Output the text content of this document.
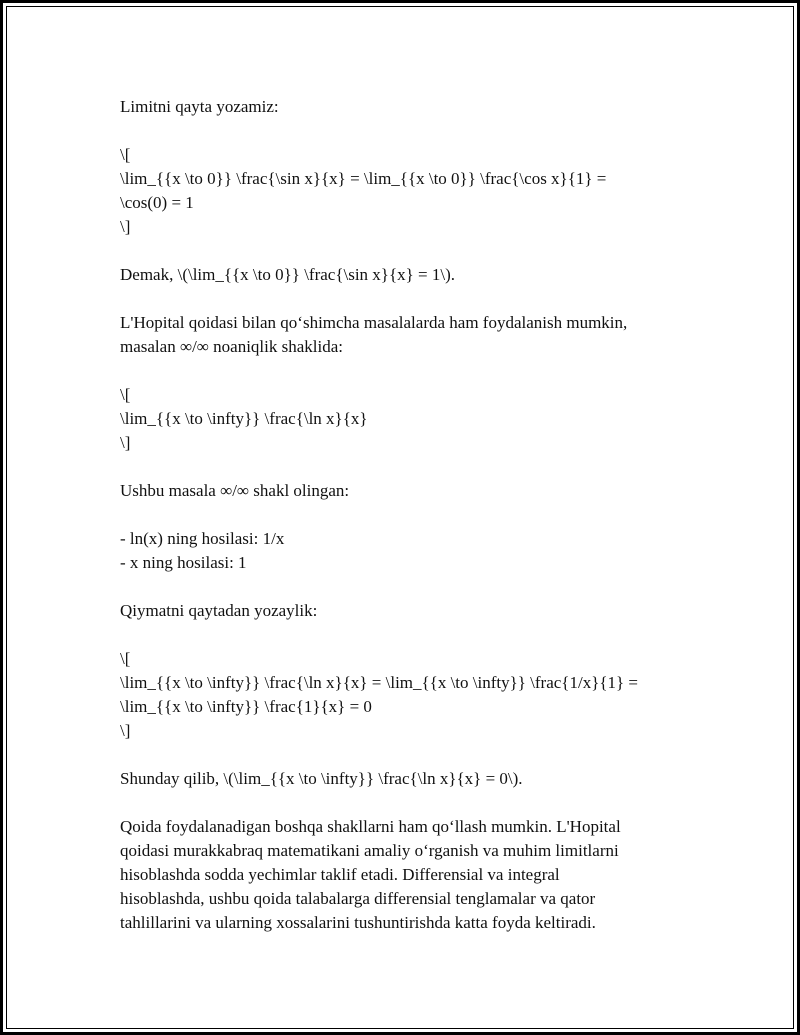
Limitni qayta yozamiz:

\[

\lim_{{x \to 0}} \frac{\sin x}{x} = \lim_{{x \to 0}} \frac{\cos x}{1} =

\cos(0) = 1

\]

Demak, \(\lim_{{x \to 0}} \frac{\sin x}{x} = 1\).

L'Hopital qoidasi bilan qo‘shimcha masalalarda ham foydalanish mumkin,

masalan ∞/∞ noaniqlik shaklida:

\[

\lim_{{x \to \infty}} \frac{\ln x}{x}

\]

Ushbu masala ∞/∞ shakl olingan:

- ln(x) ning hosilasi: 1/x

- x ning hosilasi: 1

Qiymatni qaytadan yozaylik:

\[

\lim_{{x \to \infty}} \frac{\ln x}{x} = \lim_{{x \to \infty}} \frac{1/x}{1} =

\lim_{{x \to \infty}} \frac{1}{x} = 0

\]

Shunday qilib, \(\lim_{{x \to \infty}} \frac{\ln x}{x} = 0\).

Qoida foydalanadigan boshqa shakllarni ham qo‘llash mumkin. L'Hopital

qoidasi murakkabraq matematikani amaliy o‘rganish va muhim limitlarni

hisoblashda sodda yechimlar taklif etadi. Differensial va integral

hisoblashda, ushbu qoida talabalarga differensial tenglamalar va qator

tahlillarini va ularning xossalarini tushuntirishda katta foyda keltiradi.
